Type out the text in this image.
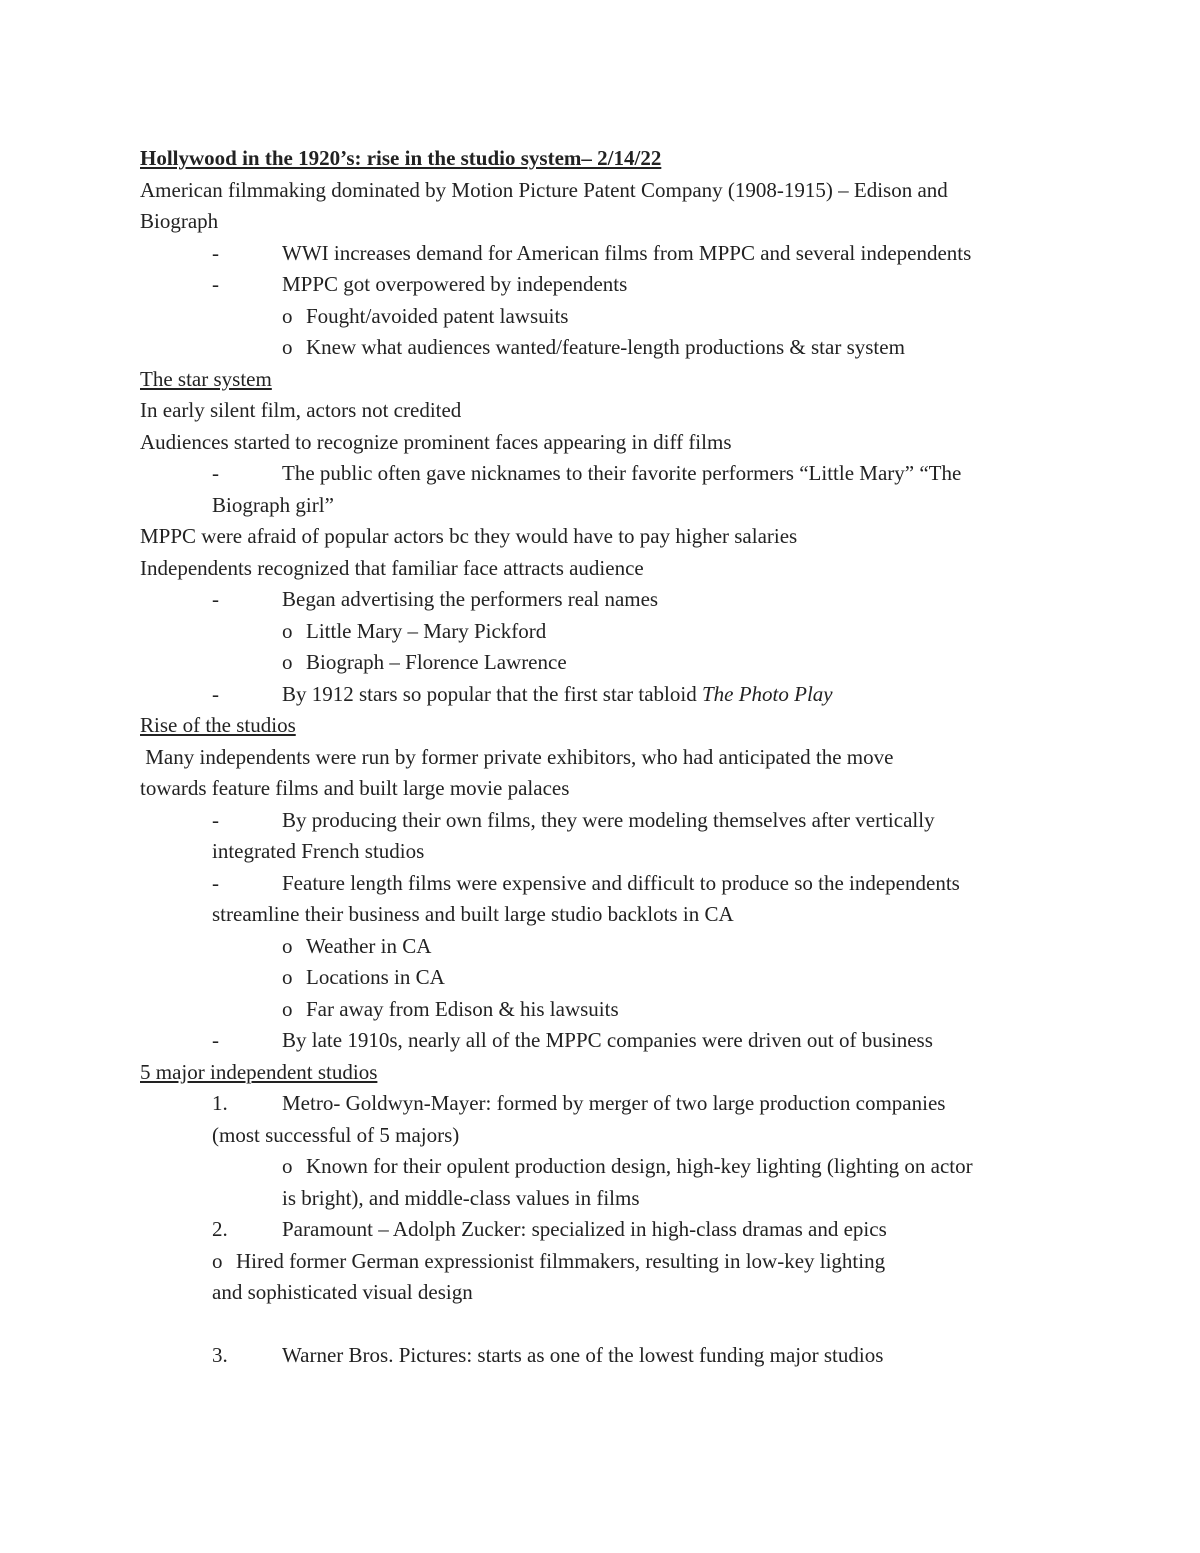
Hollywood in the 1920’s: rise in the studio system– 2/14/22
American filmmaking dominated by Motion Picture Patent Company (1908-1915) – Edison and
Biograph
-	WWI increases demand for American films from MPPC and several independents
-	MPPC got overpowered by independents
o Fought/avoided patent lawsuits
o Knew what audiences wanted/feature-length productions & star system
The star system
In early silent film, actors not credited
Audiences started to recognize prominent faces appearing in diff films
-	The public often gave nicknames to their favorite performers “Little Mary” “The
Biograph girl”
MPPC were afraid of popular actors bc they would have to pay higher salaries
Independents recognized that familiar face attracts audience
-	Began advertising the performers real names
o Little Mary – Mary Pickford
o Biograph – Florence Lawrence
-	By 1912 stars so popular that the first star tabloid The Photo Play
Rise of the studios
Many independents were run by former private exhibitors, who had anticipated the move
towards feature films and built large movie palaces
-	By producing their own films, they were modeling themselves after vertically
integrated French studios
-	Feature length films were expensive and difficult to produce so the independents
streamline their business and built large studio backlots in CA
o Weather in CA
o Locations in CA
o Far away from Edison & his lawsuits
-	By late 1910s, nearly all of the MPPC companies were driven out of business
5 major independent studios
1.	Metro- Goldwyn-Mayer: formed by merger of two large production companies
(most successful of 5 majors)
o Known for their opulent production design, high-key lighting (lighting on actor
is bright), and middle-class values in films
2.	Paramount – Adolph Zucker: specialized in high-class dramas and epics
o Hired former German expressionist filmmakers, resulting in low-key lighting
and sophisticated visual design
3.	Warner Bros. Pictures: starts as one of the lowest funding major studios
